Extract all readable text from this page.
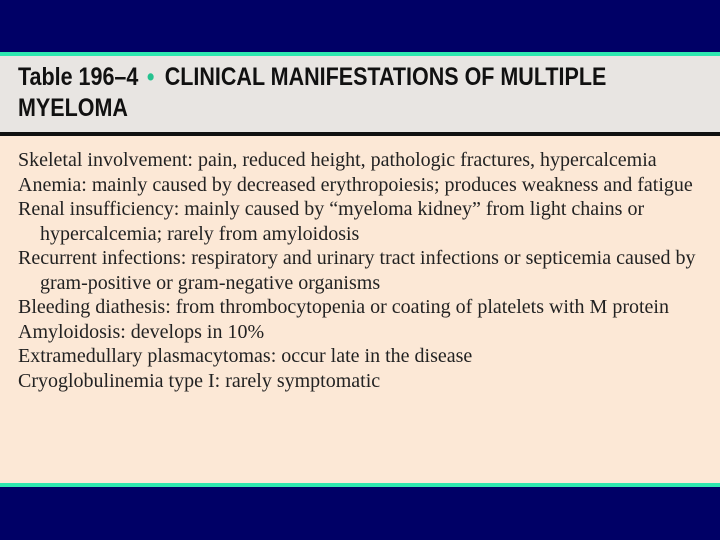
Table 196–4 • CLINICAL MANIFESTATIONS OF MULTIPLE MYELOMA
Skeletal involvement: pain, reduced height, pathologic fractures, hypercalcemia
Anemia: mainly caused by decreased erythropoiesis; produces weakness and fatigue
Renal insufficiency: mainly caused by “myeloma kidney” from light chains or hypercalcemia; rarely from amyloidosis
Recurrent infections: respiratory and urinary tract infections or septicemia caused by gram-positive or gram-negative organisms
Bleeding diathesis: from thrombocytopenia or coating of platelets with M protein
Amyloidosis: develops in 10%
Extramedullary plasmacytomas: occur late in the disease
Cryoglobulinemia type I: rarely symptomatic
